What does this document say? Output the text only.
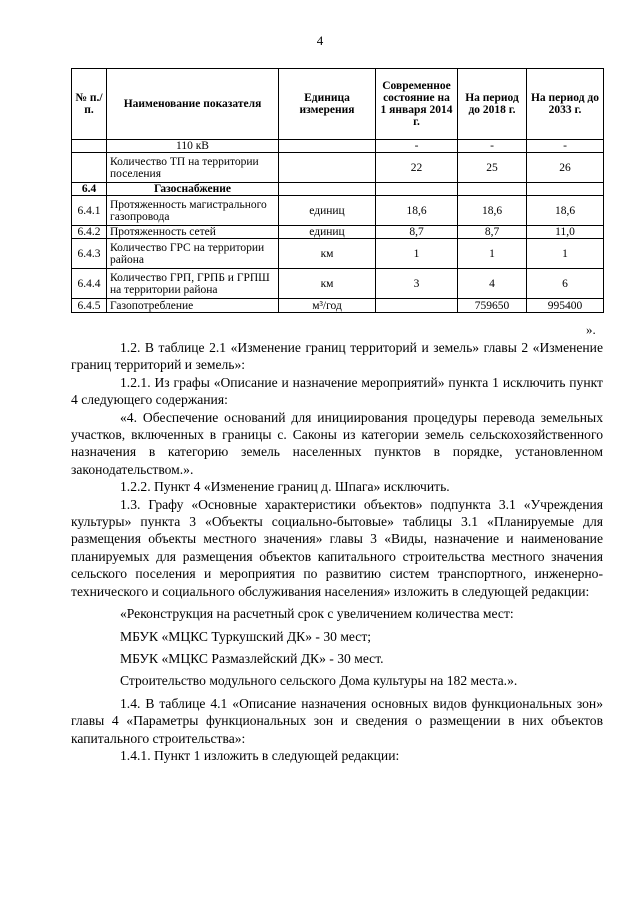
4
№ п./п.	Наименование показателя	Единица измерения	Современное состояние на 1 января 2014 г.	На период до 2018 г.	На период до 2033 г.
	110 кВ		-	-	-
	Количество ТП на территории поселения		22	25	26
6.4	Газоснабжение				
6.4.1	Протяженность магистрального газопровода	единиц	18,6	18,6	18,6
6.4.2	Протяженность сетей	единиц	8,7	8,7	11,0
6.4.3	Количество ГРС на территории района	км	1	1	1
6.4.4	Количество ГРП, ГРПБ и ГРПШ на территории района	км	3	4	6
6.4.5	Газопотребление	м³/год		759650	995400
».

1.2. В таблице 2.1 «Изменение границ территорий и земель» главы 2 «Изменение границ территорий и земель»:

1.2.1. Из графы «Описание и назначение мероприятий» пункта 1 исключить пункт 4 следующего содержания:

«4. Обеспечение оснований для инициирования процедуры перевода земельных участков, включенных в границы с. Саконы из категории земель сельскохозяйственного назначения в категорию земель населенных пунктов в порядке, установленном законодательством.».

1.2.2. Пункт 4 «Изменение границ д. Шпага» исключить.

1.3. Графу «Основные характеристики объектов» подпункта 3.1 «Учреждения культуры» пункта 3 «Объекты социально-бытовые» таблицы 3.1 «Планируемые для размещения объекты местного значения» главы 3 «Виды, назначение и наименование планируемых для размещения объектов капитального строительства местного значения сельского поселения и мероприятия по развитию систем транспортного, инженерно-технического и социального обслуживания населения» изложить в следующей редакции:

«Реконструкция на расчетный срок с увеличением количества мест:

МБУК «МЦКС Туркушский ДК» - 30 мест;

МБУК «МЦКС Размазлейский ДК» - 30 мест.

Строительство модульного сельского Дома культуры на 182 места.».

1.4. В таблице 4.1 «Описание назначения основных видов функциональных зон» главы 4 «Параметры функциональных зон и сведения о размещении в них объектов капитального строительства»:

1.4.1. Пункт 1 изложить в следующей редакции:
